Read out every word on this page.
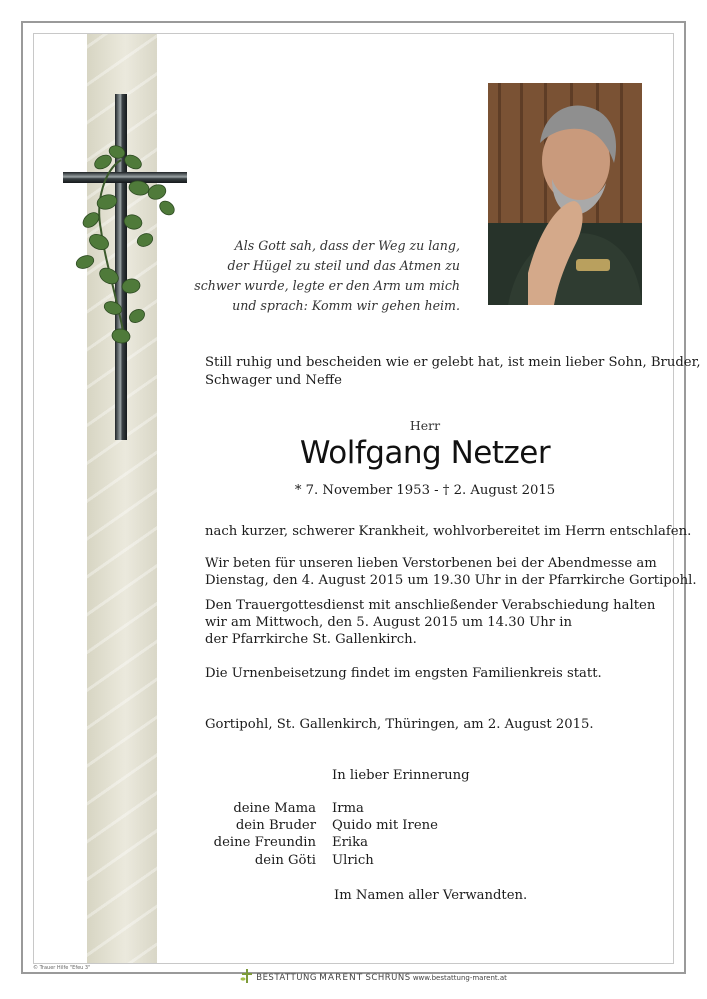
Als Gott sah, dass der Weg zu lang,
der Hügel zu steil und das Atmen zu
schwer wurde, legte er den Arm um mich
und sprach: Komm wir gehen heim.
Still ruhig und bescheiden wie er gelebt hat, ist mein lieber Sohn, Bruder,
Schwager und Neffe
Herr
Wolfgang Netzer
* 7. November 1953 - † 2. August 2015
nach kurzer, schwerer Krankheit, wohlvorbereitet im Herrn entschlafen.
Wir beten für unseren lieben Verstorbenen bei der Abendmesse am
Dienstag, den 4. August 2015 um 19.30 Uhr in der Pfarrkirche Gortipohl.
Den Trauergottesdienst mit anschließender Verabschiedung halten
wir am Mittwoch, den 5. August 2015 um 14.30 Uhr in
der Pfarrkirche St. Gallenkirch.
Die Urnenbeisetzung findet im engsten Familienkreis statt.
Gortipohl, St. Gallenkirch, Thüringen, am 2. August 2015.
In lieber Erinnerung
deine Mama Irma
dein Bruder Quido mit Irene
deine Freundin Erika
dein Göti Ulrich
Im Namen aller Verwandten.
© Trauer Hilfe "Efeu 3"
BESTATTUNG MARENT SCHRUNS www.bestattung-marent.at
